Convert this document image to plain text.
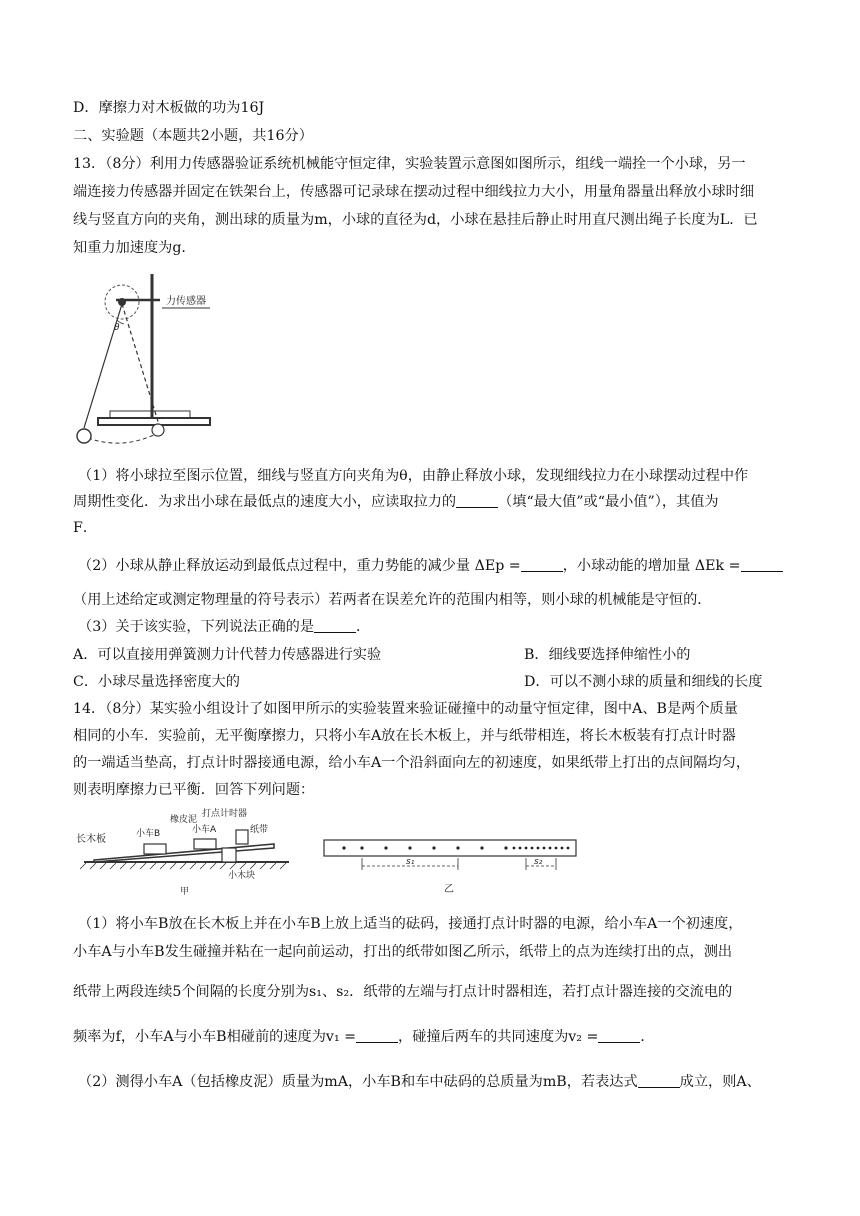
D．摩擦力对木板做的功为16J
二、实验题（本题共2小题，共16分）
13．（8分）利用力传感器验证系统机械能守恒定律，实验装置示意图如图所示，组线一端拴一个小球，另一
端连接力传感器并固定在铁架台上，传感器可记录球在摆动过程中细线拉力大小，用量角器量出释放小球时细
线与竖直方向的夹角，测出球的质量为m，小球的直径为d，小球在悬挂后静止时用直尺测出绳子长度为L．已
知重力加速度为g．
力传感器
θ
（1）将小球拉至图示位置，细线与竖直方向夹角为θ，由静止释放小球，发现细线拉力在小球摆动过程中作
周期性变化．为求出小球在最低点的速度大小，应读取拉力的	（填“最大值”或“最小值”），其值为
F．
（2）小球从静止释放运动到最低点过程中，重力势能的减少量 ΔEp =	，小球动能的增加量 ΔEk =
（用上述给定或测定物理量的符号表示）若两者在误差允许的范围内相等，则小球的机械能是守恒的．
（3）关于该实验，下列说法正确的是	．
A．可以直接用弹簧测力计代替力传感器进行实验	B．细线要选择伸缩性小的
C．小球尽量选择密度大的	D．可以不测小球的质量和细线的长度
14．（8分）某实验小组设计了如图甲所示的实验装置来验证碰撞中的动量守恒定律，图中A、B是两个质量
相同的小车．实验前，无平衡摩擦力，只将小车A放在长木板上，并与纸带相连，将长木板装有打点计时器
的一端适当垫高，打点计时器接通电源，给小车A一个沿斜面向左的初速度，如果纸带上打出的点间隔均匀，
则表明摩擦力已平衡．回答下列问题：
长木板	小车B
橡皮泥
小车A
打点计时器
纸带
小木块
甲
s₁	s₂
乙
（1）将小车B放在长木板上并在小车B上放上适当的砝码，接通打点计时器的电源，给小车A一个初速度，
小车A与小车B发生碰撞并粘在一起向前运动，打出的纸带如图乙所示，纸带上的点为连续打出的点，测出
纸带上两段连续5个间隔的长度分别为s₁、s₂．纸带的左端与打点计时器相连，若打点计器连接的交流电的
频率为f，小车A与小车B相碰前的速度为v₁ =	，碰撞后两车的共同速度为v₂ =	．
（2）测得小车A（包括橡皮泥）质量为mA，小车B和车中砝码的总质量为mB，若表达式	成立，则A、
